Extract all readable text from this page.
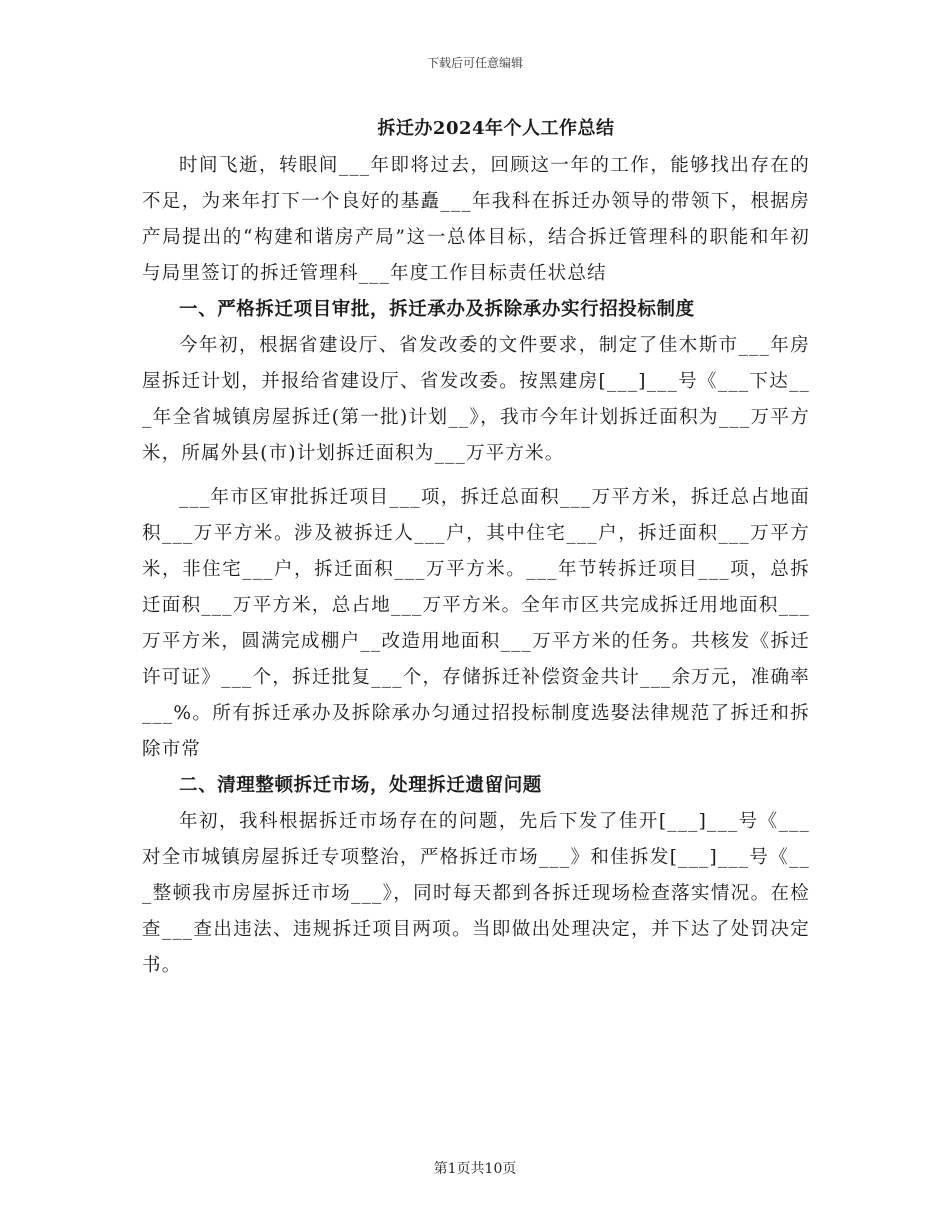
下载后可任意编辑
拆迁办2024年个人工作总结

时间飞逝，转眼间___年即将过去，回顾这一年的工作，能够找出存在的不足，为来年打下一个良好的基矗___年我科在拆迁办领导的带领下，根据房产局提出的“构建和谐房产局”这一总体目标，结合拆迁管理科的职能和年初与局里签订的拆迁管理科___年度工作目标责任状总结

一、严格拆迁项目审批，拆迁承办及拆除承办实行招投标制度

今年初，根据省建设厅、省发改委的文件要求，制定了佳木斯市___年房屋拆迁计划，并报给省建设厅、省发改委。按黑建房[___]___号《___下达___年全省城镇房屋拆迁(第一批)计划__》，我市今年计划拆迁面积为___万平方米，所属外县(市)计划拆迁面积为___万平方米。

___年市区审批拆迁项目___项，拆迁总面积___万平方米，拆迁总占地面积___万平方米。涉及被拆迁人___户，其中住宅___户，拆迁面积___万平方米，非住宅___户，拆迁面积___万平方米。___年节转拆迁项目___项，总拆迁面积___万平方米，总占地___万平方米。全年市区共完成拆迁用地面积___万平方米，圆满完成棚户__改造用地面积___万平方米的任务。共核发《拆迁许可证》___个，拆迁批复___个，存储拆迁补偿资金共计___余万元，准确率___%。所有拆迁承办及拆除承办匀通过招投标制度选娶法律规范了拆迁和拆除市常

二、清理整顿拆迁市场，处理拆迁遗留问题

年初，我科根据拆迁市场存在的问题，先后下发了佳开[___]___号《___对全市城镇房屋拆迁专项整治，严格拆迁市场___》和佳拆发[___]___号《___整顿我市房屋拆迁市场___》，同时每天都到各拆迁现场检查落实情况。在检查___查出违法、违规拆迁项目两项。当即做出处理决定，并下达了处罚决定书。

第1页共10页
